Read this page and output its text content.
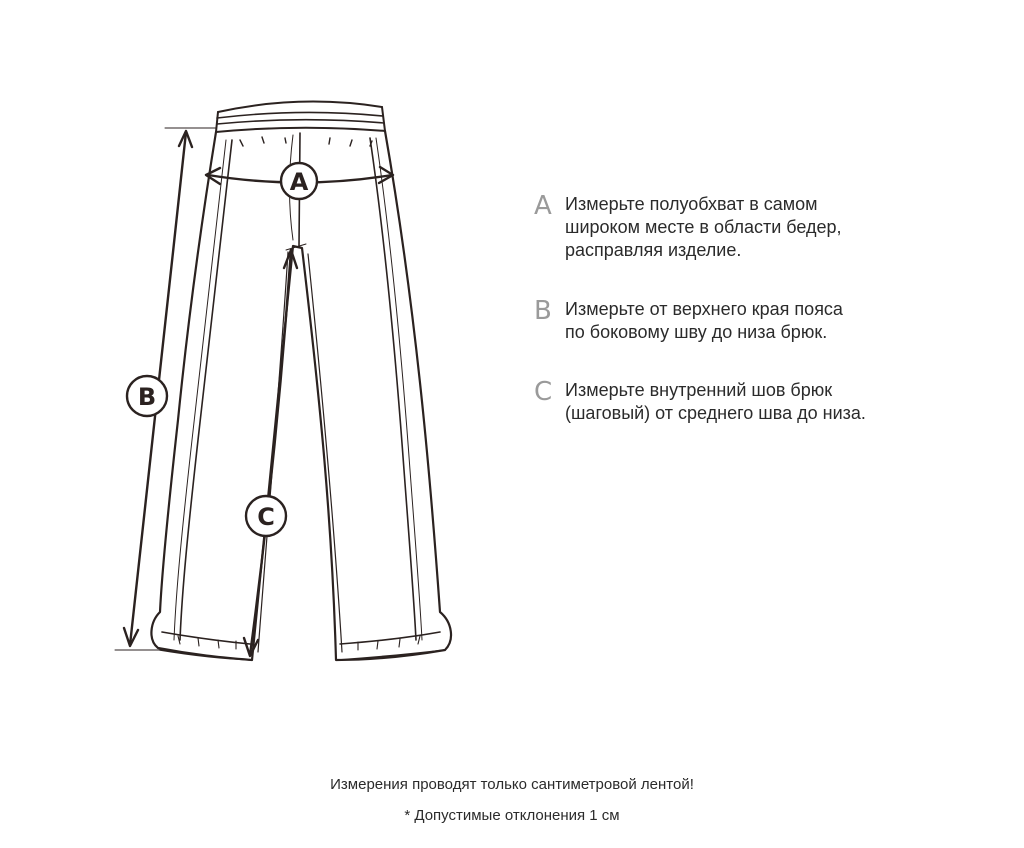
A
B
C
A Измерьте полуобхват в самом
широком месте в области бедер,
расправляя изделие.
B Измерьте от верхнего края пояса
по боковому шву до низа брюк.
C Измерьте внутренний шов брюк
(шаговый) от среднего шва до низа.
Измерения проводят только сантиметровой лентой!
* Допустимые отклонения 1 см
